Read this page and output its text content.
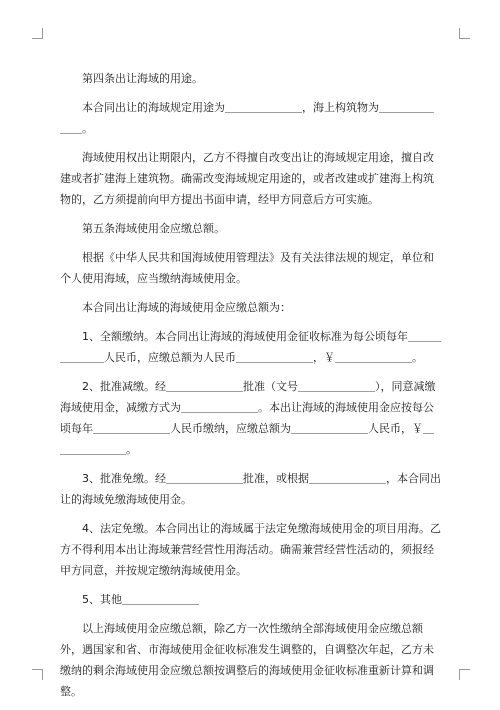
第四条出让海域的用途。

本合同出让的海域规定用途为＿＿＿＿＿＿＿，海上构筑物为＿＿＿＿＿＿＿。

海域使用权出让期限内，乙方不得擅自改变出让的海域规定用途，擅自改建或者扩建海上建筑物。确需改变海域规定用途的，或者改建或扩建海上构筑物的，乙方须提前向甲方提出书面申请，经甲方同意后方可实施。

第五条海域使用金应缴总额。

根据《中华人民共和国海域使用管理法》及有关法律法规的规定，单位和个人使用海域，应当缴纳海域使用金。

本合同出让海域的海域使用金应缴总额为：

1、全额缴纳。本合同出让海域的海域使用金征收标准为每公顷每年＿＿＿＿＿＿＿人民币，应缴总额为人民币＿＿＿＿＿＿＿，￥＿＿＿＿＿＿＿。

2、批准减缴。经＿＿＿＿＿＿＿批准（文号＿＿＿＿＿＿＿），同意减缴海域使用金，减缴方式为＿＿＿＿＿＿＿。本出让海域的海域使用金应按每公顷每年＿＿＿＿＿＿＿人民币缴纳，应缴总额为＿＿＿＿＿＿＿人民币，￥＿＿＿＿＿＿＿。

3、批准免缴。经＿＿＿＿＿＿＿批准，或根据＿＿＿＿＿＿＿，本合同出让的海域免缴海域使用金。

4、法定免缴。本合同出让的海域属于法定免缴海域使用金的项目用海。乙方不得利用本出让海域兼营经营性用海活动。确需兼营经营性活动的，须报经甲方同意，并按规定缴纳海域使用金。

5、其他＿＿＿＿＿＿＿

以上海域使用金应缴总额，除乙方一次性缴纳全部海域使用金应缴总额外，遇国家和省、市海域使用金征收标准发生调整的，自调整次年起，乙方未缴纳的剩余海域使用金应缴总额按调整后的海域使用金征收标准重新计算和调整。
